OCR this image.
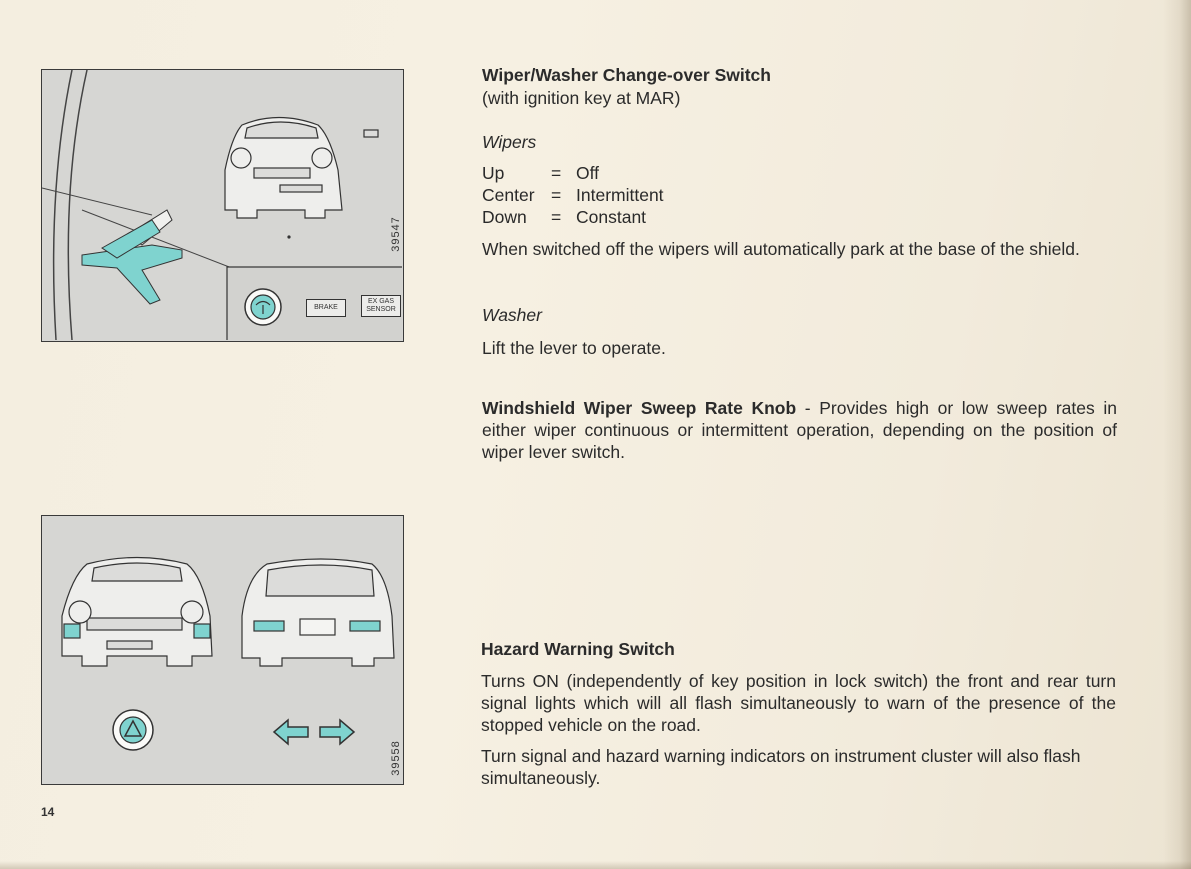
BRAKE
EX GAS
SENSOR
39547
39558
Wiper/Washer Change-over Switch
(with ignition key at MAR)
Wipers
Up	= Off
Center = Intermittent
Down = Constant
When switched off the wipers will automatically park at the base of the shield.
Washer
Lift the lever to operate.
Windshield Wiper Sweep Rate Knob - Provides high or low sweep rates in either wiper continuous or intermittent operation, depending on the position of wiper lever switch.
Hazard Warning Switch
Turns ON (independently of key position in lock switch) the front and rear turn signal lights which will all flash simultaneously to warn of the presence of the stopped vehicle on the road.
Turn signal and hazard warning indicators on instrument cluster will also flash simultaneously.
14
